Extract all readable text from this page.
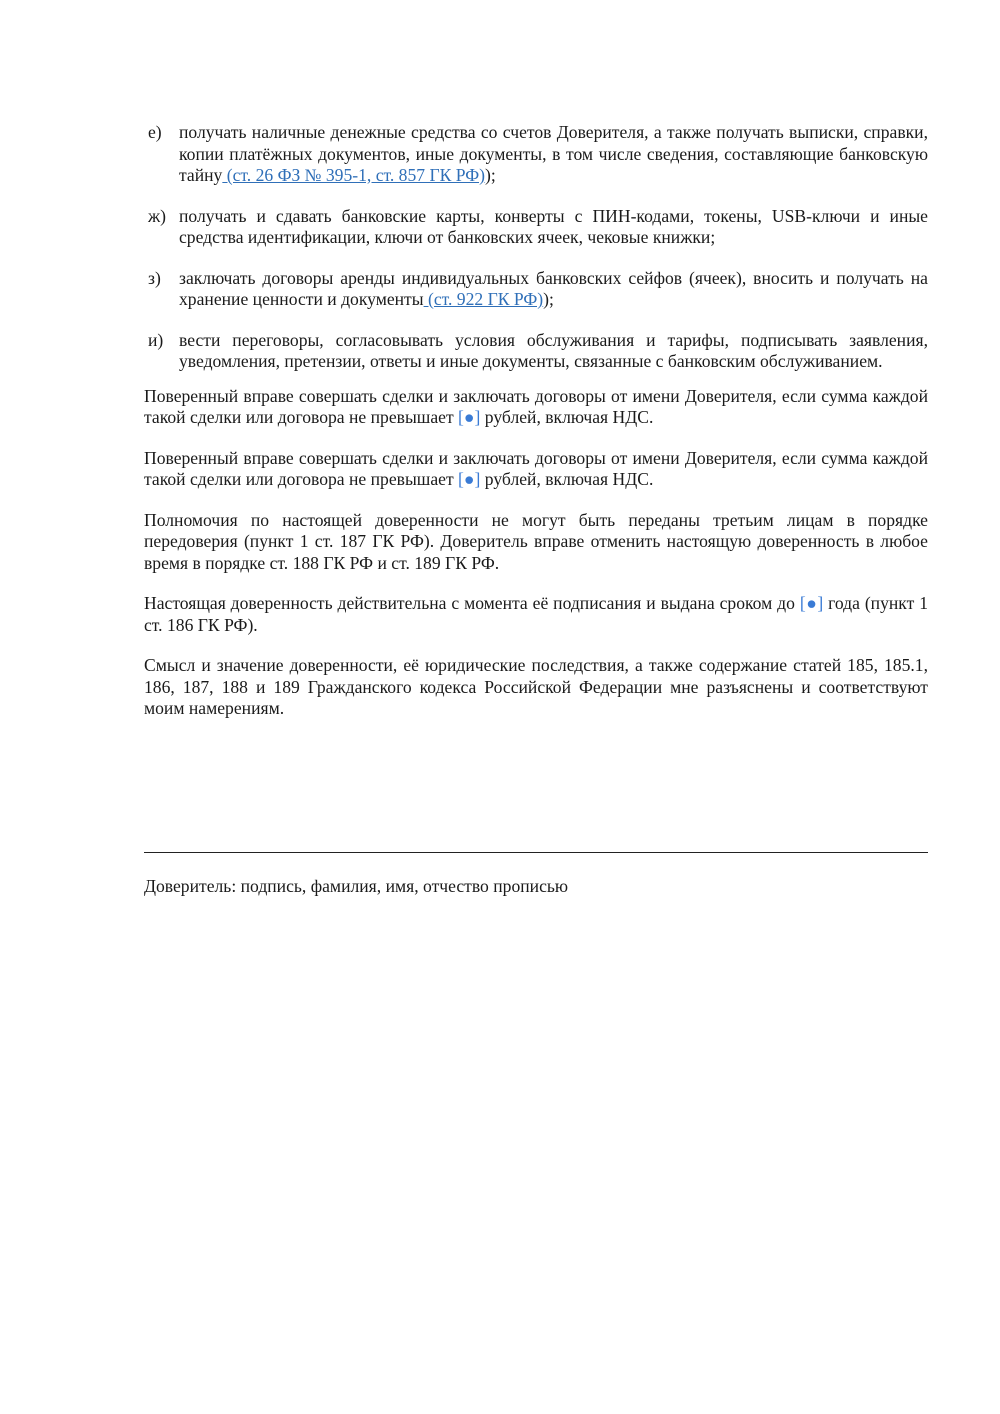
е) получать наличные денежные средства со счетов Доверителя, а также получать выписки, справки, копии платёжных документов, иные документы, в том числе сведения, составляющие банковскую тайну (ст. 26 ФЗ № 395-1, ст. 857 ГК РФ));
ж) получать и сдавать банковские карты, конверты с ПИН-кодами, токены, USB-ключи и иные средства идентификации, ключи от банковских ячеек, чековые книжки;
з)	заключать договоры аренды индивидуальных банковских сейфов (ячеек), вносить и получать на хранение ценности и документы (ст. 922 ГК РФ));
и) вести переговоры, согласовывать условия обслуживания и тарифы, подписывать заявления, уведомления, претензии, ответы и иные документы, связанные с банковским обслуживанием.

Поверенный вправе совершать сделки и заключать договоры от имени Доверителя, если сумма каждой такой сделки или договора не превышает [●] рублей, включая НДС.

Поверенный вправе совершать сделки и заключать договоры от имени Доверителя, если сумма каждой такой сделки или договора не превышает [●] рублей, включая НДС.

Полномочия по настоящей доверенности не могут быть переданы третьим лицам в порядке передоверия (пункт 1 ст. 187 ГК РФ). Доверитель вправе отменить настоящую доверенность в любое время в порядке ст. 188 ГК РФ и ст. 189 ГК РФ.

Настоящая доверенность действительна с момента её подписания и выдана сроком до [●] года (пункт 1 ст. 186 ГК РФ).

Смысл и значение доверенности, её юридические последствия, а также содержание статей 185, 185.1, 186, 187, 188 и 189 Гражданского кодекса Российской Федерации мне разъяснены и соответствуют моим намерениям.

Доверитель: подпись, фамилия, имя, отчество прописью
